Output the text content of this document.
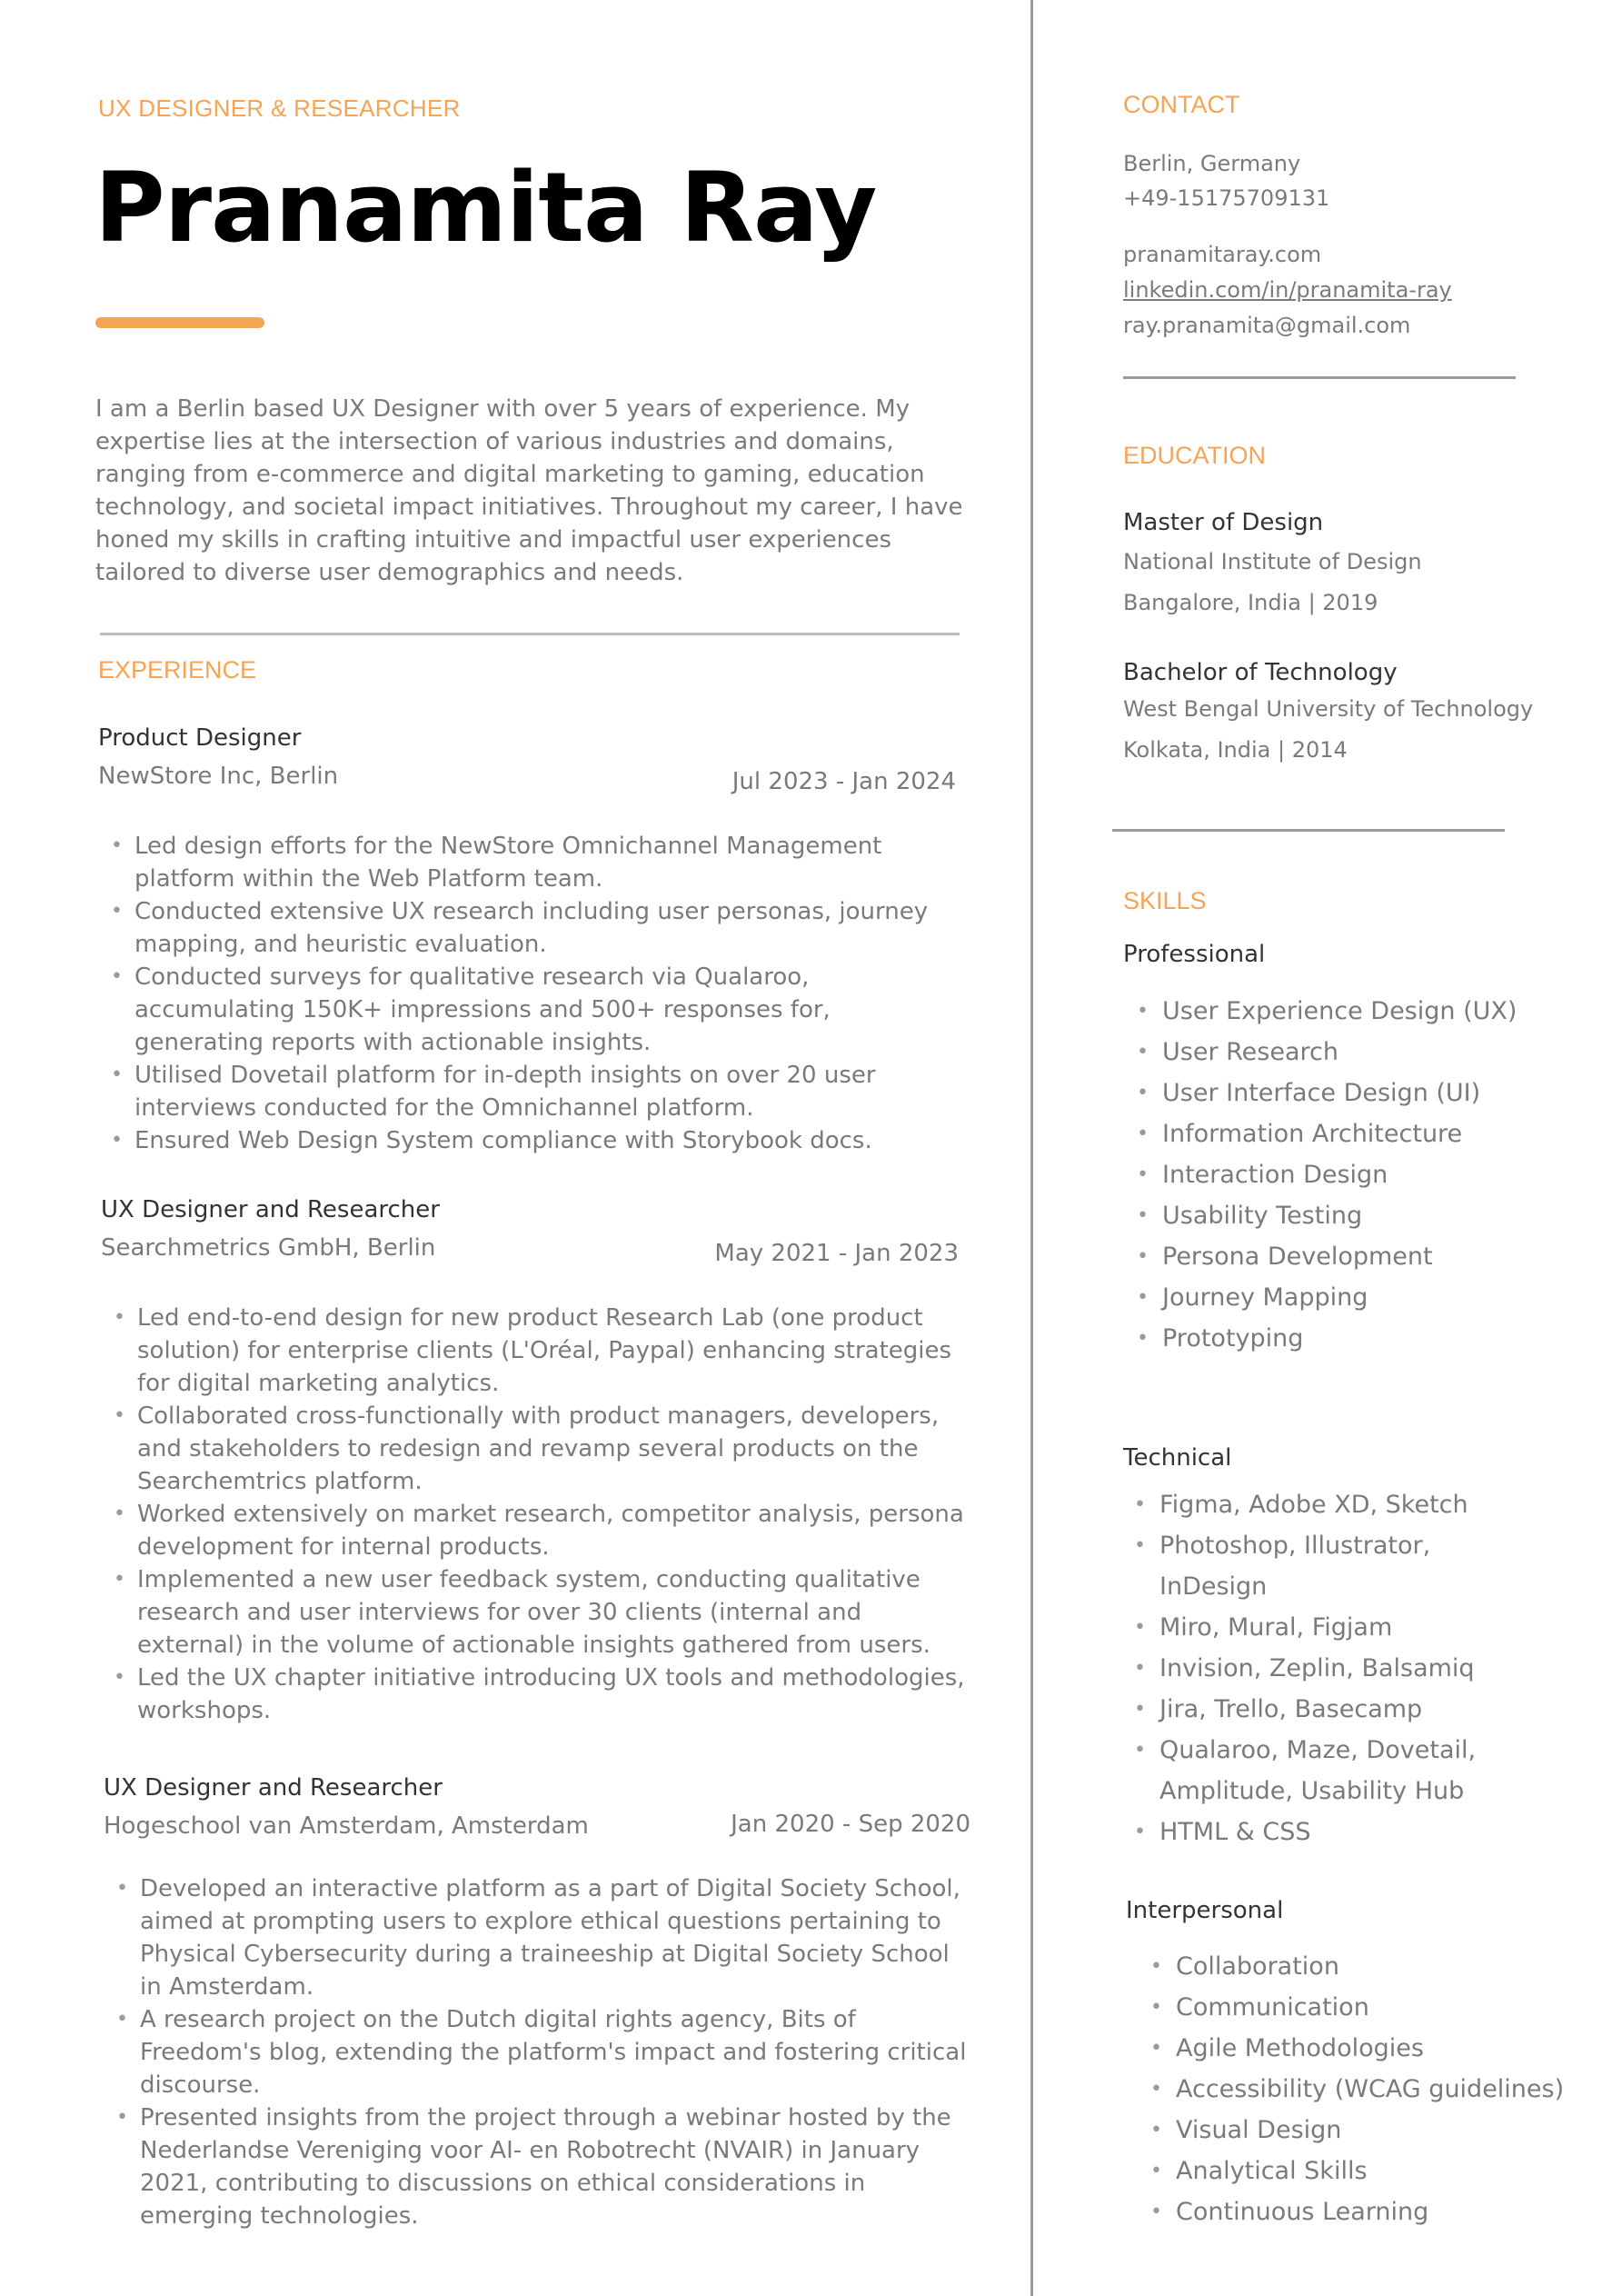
UX DESIGNER & RESEARCHER
Pranamita Ray
I am a Berlin based UX Designer with over 5 years of experience. My expertise lies at the intersection of various industries and domains, ranging from e-commerce and digital marketing to gaming, education technology, and societal impact initiatives. Throughout my career, I have honed my skills in crafting intuitive and impactful user experiences tailored to diverse user demographics and needs.
EXPERIENCE
Product Designer
NewStore Inc, Berlin	Jul 2023 - Jan 2024
• Led design efforts for the NewStore Omnichannel Management platform within the Web Platform team.
• Conducted extensive UX research including user personas, journey mapping, and heuristic evaluation.
• Conducted surveys for qualitative research via Qualaroo, accumulating 150K+ impressions and 500+ responses for, generating reports with actionable insights.
• Utilised Dovetail platform for in-depth insights on over 20 user interviews conducted for the Omnichannel platform.
• Ensured Web Design System compliance with Storybook docs.
UX Designer and Researcher
Searchmetrics GmbH, Berlin	May 2021 - Jan 2023
• Led end-to-end design for new product Research Lab (one product solution) for enterprise clients (L'Oréal, Paypal) enhancing strategies for digital marketing analytics.
• Collaborated cross-functionally with product managers, developers, and stakeholders to redesign and revamp several products on the Searchemtrics platform.
• Worked extensively on market research, competitor analysis, persona development for internal products.
• Implemented a new user feedback system, conducting qualitative research and user interviews for over 30 clients (internal and external) in the volume of actionable insights gathered from users.
• Led the UX chapter initiative introducing UX tools and methodologies, workshops.
UX Designer and Researcher
Hogeschool van Amsterdam, Amsterdam	Jan 2020 - Sep 2020
• Developed an interactive platform as a part of Digital Society School, aimed at prompting users to explore ethical questions pertaining to Physical Cybersecurity during a traineeship at Digital Society School in Amsterdam.
• A research project on the Dutch digital rights agency, Bits of Freedom's blog, extending the platform's impact and fostering critical discourse.
• Presented insights from the project through a webinar hosted by the Nederlandse Vereniging voor AI- en Robotrecht (NVAIR) in January 2021, contributing to discussions on ethical considerations in emerging technologies.
CONTACT
Berlin, Germany
+49-15175709131
pranamitaray.com
linkedin.com/in/pranamita-ray
ray.pranamita@gmail.com
EDUCATION
Master of Design
National Institute of Design
Bangalore, India | 2019
Bachelor of Technology
West Bengal University of Technology
Kolkata, India | 2014
SKILLS
Professional
• User Experience Design (UX)
• User Research
• User Interface Design (UI)
• Information Architecture
• Interaction Design
• Usability Testing
• Persona Development
• Journey Mapping
• Prototyping
Technical
• Figma, Adobe XD, Sketch
• Photoshop, Illustrator, InDesign
• Miro, Mural, Figjam
• Invision, Zeplin, Balsamiq
• Jira, Trello, Basecamp
• Qualaroo, Maze, Dovetail, Amplitude, Usability Hub
• HTML & CSS
Interpersonal
• Collaboration
• Communication
• Agile Methodologies
• Accessibility (WCAG guidelines)
• Visual Design
• Analytical Skills
• Continuous Learning
